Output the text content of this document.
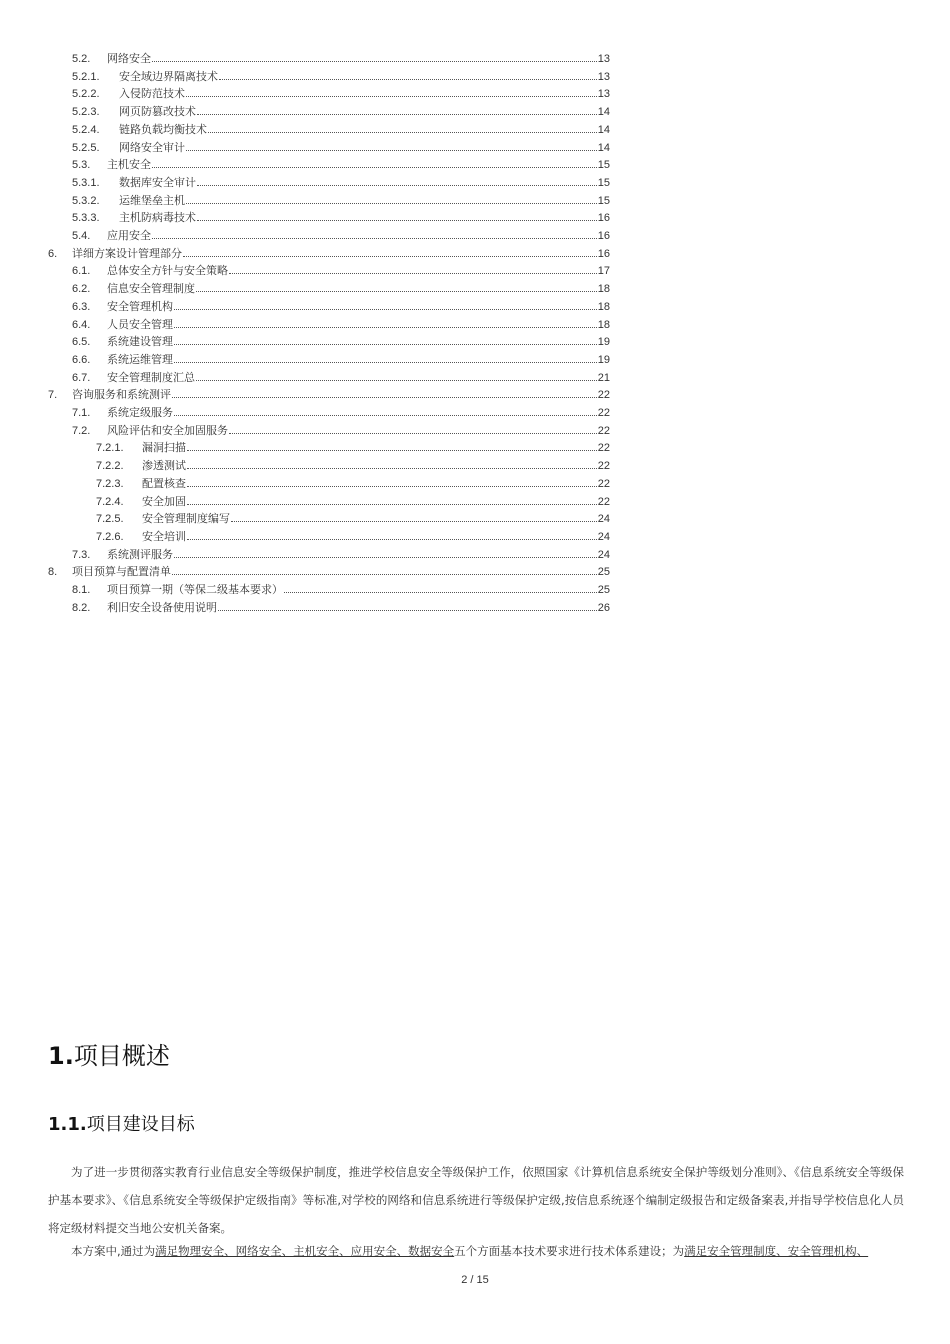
5.2.	网络安全	13
5.2.1.	安全域边界隔离技术	13
5.2.2.	入侵防范技术	13
5.2.3.	网页防篡改技术	14
5.2.4.	链路负载均衡技术	14
5.2.5.	网络安全审计	14
5.3.	主机安全	15
5.3.1.	数据库安全审计	15
5.3.2.	运维堡垒主机	15
5.3.3.	主机防病毒技术	16
5.4.	应用安全	16
6.	详细方案设计管理部分	16
6.1.	总体安全方针与安全策略	17
6.2.	信息安全管理制度	18
6.3.	安全管理机构	18
6.4.	人员安全管理	18
6.5.	系统建设管理	19
6.6.	系统运维管理	19
6.7.	安全管理制度汇总	21
7.	咨询服务和系统测评	22
7.1.	系统定级服务	22
7.2.	风险评估和安全加固服务	22
7.2.1.	漏洞扫描	22
7.2.2.	渗透测试	22
7.2.3.	配置核查	22
7.2.4.	安全加固	22
7.2.5.	安全管理制度编写	24
7.2.6.	安全培训	24
7.3.	系统测评服务	24
8.	项目预算与配置清单	25
8.1.	项目预算一期（等保二级基本要求）	25
8.2.	利旧安全设备使用说明	26
1.项目概述
1.1.项目建设目标
为了进一步贯彻落实教育行业信息安全等级保护制度，推进学校信息安全等级保护工作，依照国家《计算机信息系统安全保护等级划分准则》、《信息系统安全等级保护基本要求》、《信息系统安全等级保护定级指南》等标准,对学校的网络和信息系统进行等级保护定级,按信息系统逐个编制定级报告和定级备案表,并指导学校信息化人员将定级材料提交当地公安机关备案。
本方案中,通过为满足物理安全、网络安全、主机安全、应用安全、数据安全五个方面基本技术要求进行技术体系建设；为满足安全管理制度、安全管理机构、
2 / 15
